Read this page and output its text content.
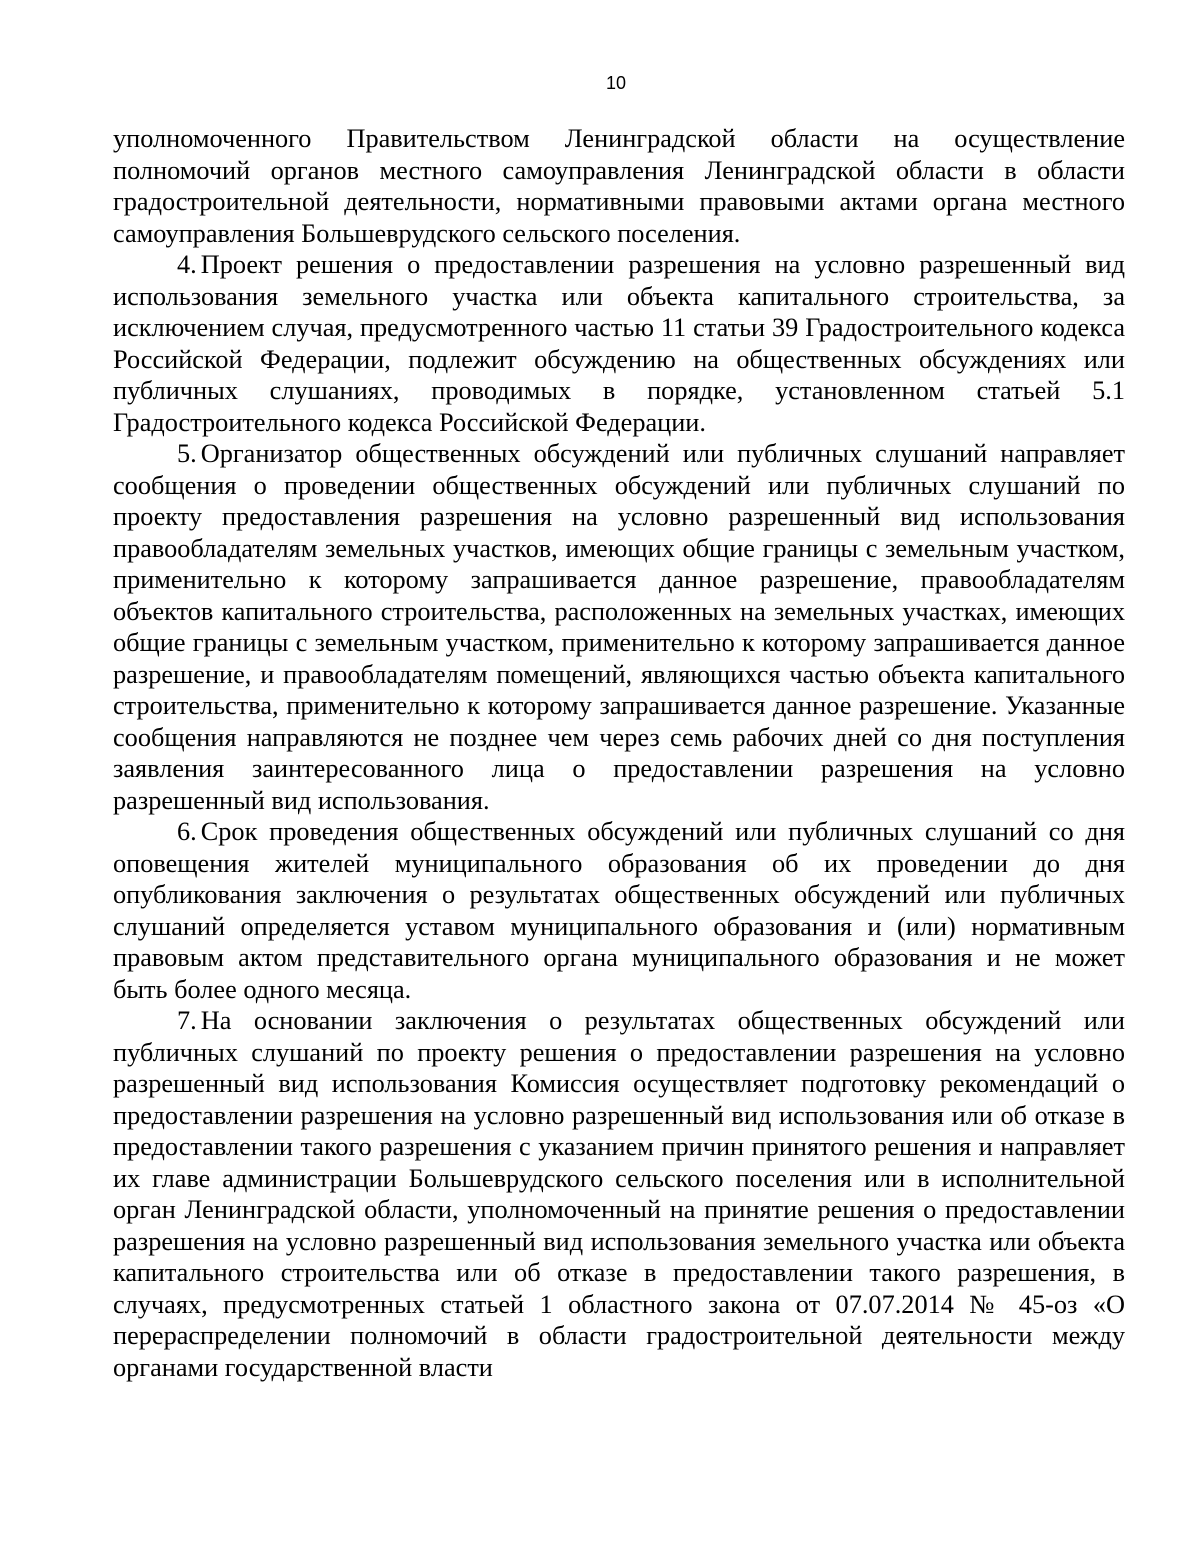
10

уполномоченного Правительством Ленинградской области на осуществление полномочий органов местного самоуправления Ленинградской области в области градостроительной деятельности, нормативными правовыми актами органа местного самоуправления Большеврудского сельского поселения.

4. Проект решения о предоставлении разрешения на условно разрешенный вид использования земельного участка или объекта капитального строительства, за исключением случая, предусмотренного частью 11 статьи 39 Градостроительного кодекса Российской Федерации, подлежит обсуждению на общественных обсуждениях или публичных слушаниях, проводимых в порядке, установленном статьей 5.1 Градостроительного кодекса Российской Федерации.

5. Организатор общественных обсуждений или публичных слушаний направляет сообщения о проведении общественных обсуждений или публичных слушаний по проекту предоставления разрешения на условно разрешенный вид использования правообладателям земельных участков, имеющих общие границы с земельным участком, применительно к которому запрашивается данное разрешение, правообладателям объектов капитального строительства, расположенных на земельных участках, имеющих общие границы с земельным участком, применительно к которому запрашивается данное разрешение, и правообладателям помещений, являющихся частью объекта капитального строительства, применительно к которому запрашивается данное разрешение. Указанные сообщения направляются не позднее чем через семь рабочих дней со дня поступления заявления заинтересованного лица о предоставлении разрешения на условно разрешенный вид использования.

6. Срок проведения общественных обсуждений или публичных слушаний со дня оповещения жителей муниципального образования об их проведении до дня опубликования заключения о результатах общественных обсуждений или публичных слушаний определяется уставом муниципального образования и (или) нормативным правовым актом представительного органа муниципального образования и не может быть более одного месяца.

7. На основании заключения о результатах общественных обсуждений или публичных слушаний по проекту решения о предоставлении разрешения на условно разрешенный вид использования Комиссия осуществляет подготовку рекомендаций о предоставлении разрешения на условно разрешенный вид использования или об отказе в предоставлении такого разрешения с указанием причин принятого решения и направляет их главе администрации Большеврудского сельского поселения или в исполнительной орган Ленинградской области, уполномоченный на принятие решения о предоставлении разрешения на условно разрешенный вид использования земельного участка или объекта капитального строительства или об отказе в предоставлении такого разрешения, в случаях, предусмотренных статьей 1 областного закона от 07.07.2014 № 45-оз «О перераспределении полномочий в области градостроительной деятельности между органами государственной власти
